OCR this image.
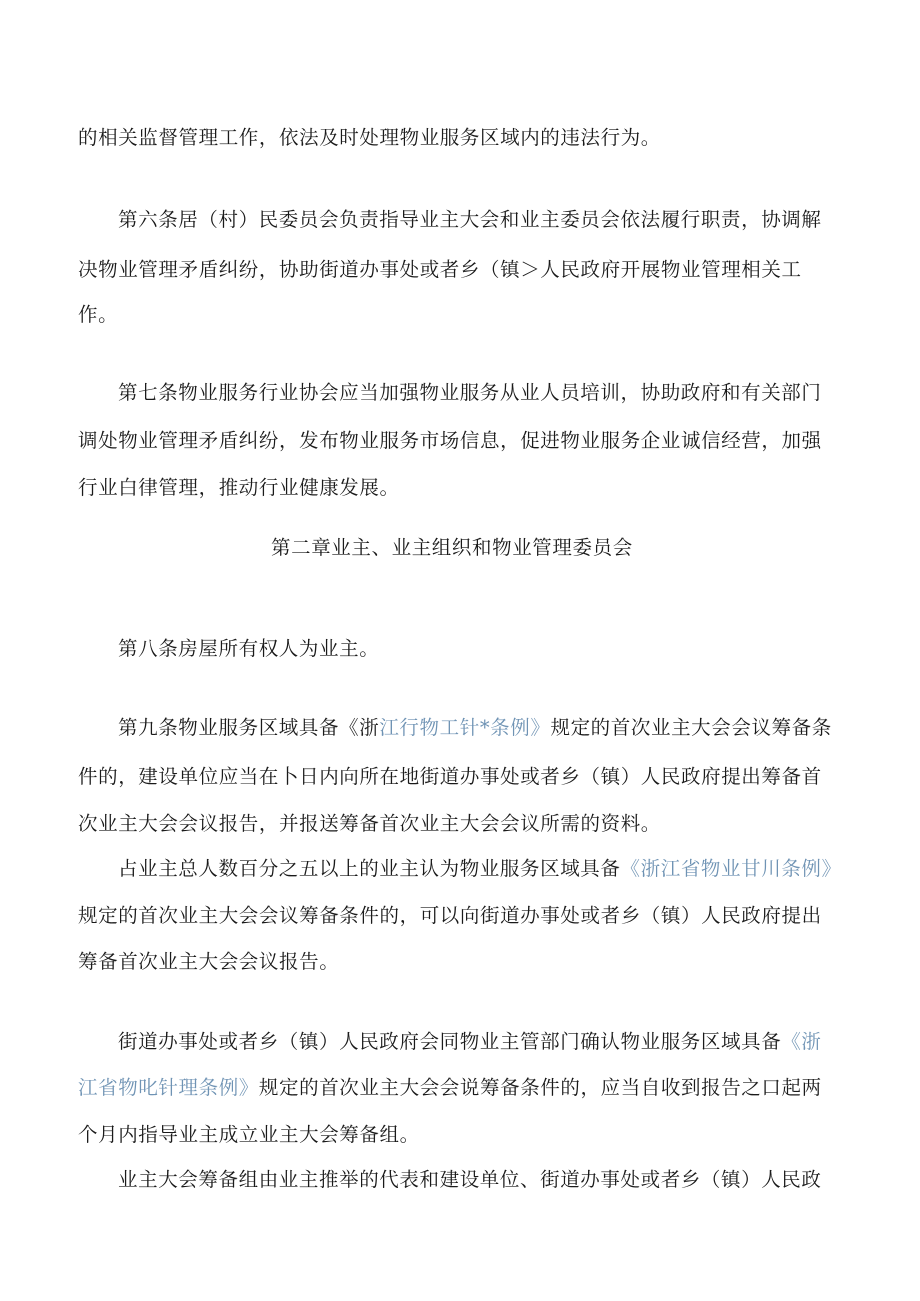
的相关监督管理工作，依法及时处理物业服务区域内的违法行为。
第六条居（村）民委员会负责指导业主大会和业主委员会依法履行职责，协调解
决物业管理矛盾纠纷，协助街道办事处或者乡（镇＞人民政府开展物业管理相关工
作。
第七条物业服务行业协会应当加强物业服务从业人员培训，协助政府和有关部门
调处物业管理矛盾纠纷，发布物业服务市场信息，促进物业服务企业诚信经营，加强
行业白律管理，推动行业健康发展。
第二章业主、业主组织和物业管理委员会
第八条房屋所有权人为业主。
第九条物业服务区域具备《浙江行物工针*条例》规定的首次业主大会会议筹备条
件的，建设单位应当在卜日内向所在地街道办事处或者乡（镇）人民政府提出筹备首
次业主大会会议报告，并报送筹备首次业主大会会议所需的资料。
占业主总人数百分之五以上的业主认为物业服务区域具备《浙江省物业甘川条例》
规定的首次业主大会会议筹备条件的，可以向街道办事处或者乡（镇）人民政府提出
筹备首次业主大会会议报告。
街道办事处或者乡（镇）人民政府会同物业主管部门确认物业服务区域具备《浙
江省物叱针理条例》规定的首次业主大会会说筹备条件的，应当自收到报告之口起两
个月内指导业主成立业主大会筹备组。
业主大会筹备组由业主推举的代表和建设单位、街道办事处或者乡（镇）人民政
